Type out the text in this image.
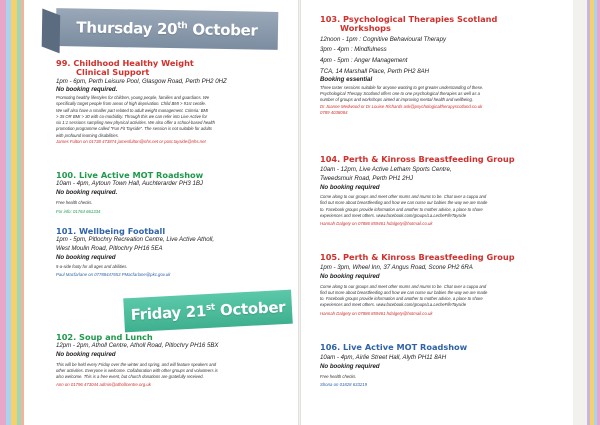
Thursday 20th October
99. Childhood Healthy Weight
Clinical Support
1pm - 6pm, Perth Leisure Pool, Glasgow Road, Perth PH2 0HZ
No booking required.
Promoting healthy lifestyles for children, young people, families and guardians. We
specifically target people from areas of high deprivation. Child BMI > 91st centile.
We will also have a smaller part related to adult weight management. Criteria: BMI
> 35 OR BMI > 30 with co-morbidity. Through this we can refer into Live Active for
six 1:1 sessions sampling new physical activities. We also offer a school-based health
promotion programme called "Fun Fit Tayside". The session is not suitable for adults
with profound learning disabilities.
James Fulton on 01738 473874 jamesfulton@nhs.net or post.tayside@nhs.net
100. Live Active MOT Roadshow
10am - 4pm, Aytoun Town Hall, Auchterarder PH3 1BJ
No booking required.
Free health checks.
For info: 01764 661334
101. Wellbeing Football
1pm - 5pm, Pitlochry Recreation Centre, Live Active Atholl,
West Moulin Road, Pitlochry PH16 5EA
No booking required
5-a-side footy for all ages and abilities.
Paul Macfarlane on 07788447653 PMacfarlane@pkc.gov.uk
Friday 21st October
102. Soup and Lunch
12pm - 2pm, Atholl Centre, Atholl Road, Pitlochry PH16 5BX
No booking required
This will be held every Friday over the winter and spring, and will feature speakers and
other activities. Everyone is welcome. Collaboration with other groups and volunteers is
also welcome. This is a free event, but church donations are gratefully received.
Ann on 01796 473044 admin@athollcentre.org.uk
103. Psychological Therapies Scotland
Workshops
12noon - 1pm : Cognitive Behavioural Therapy
3pm - 4pm : Mindfulness
4pm - 5pm : Anger Management
TCA, 14 Marshall Place, Perth PH2 8AH
Booking essential
Three taster sessions suitable for anyone wanting to get greater understanding of these.
Psychological Therapy Scotland offers one to one psychological therapies as well as a
number of groups and workshops aimed at improving mental health and wellbeing.
Dr Joanne Medwood or Dr Louise Richards ask@psychologicaltherapyscotland.co.uk
0789 4038084
104. Perth & Kinross Breastfeeding Group
10am - 12pm, Live Active Letham Sports Centre,
Tweedsmuir Road, Perth PH1 2HJ
No booking required
Come along to our groups and meet other mums and mums to be. Chat over a cuppa and
find out more about breastfeeding and how we can nurse our babies the way we are made
to. Facebook groups provide information and another to mother advice, a place to share
experiences and meet others. www.facebook.com/groups/La.LecheFifeTayside
Hannah Dalgety on 07886 859461 hdalgety@hotmail.co.uk
105. Perth & Kinross Breastfeeding Group
1pm - 3pm, Wheel Inn, 37 Angus Road, Scone PH2 6RA
No booking required
Come along to our groups and meet other mums and mums to be. Chat over a cuppa and
find out more about breastfeeding and how we can nurse our babies the way we are made
to. Facebook groups provide information and another to mother advice, a place to share
experiences and meet others. www.facebook.com/groups/La.LecheFifeTayside
Hannah Dalgety on 07886 859461 hdalgety@hotmail.co.uk
106. Live Active MOT Roadshow
10am - 4pm, Airlie Street Hall, Alyth PH11 8AH
No booking required
Free health checks.
Shona on 01828 633219
